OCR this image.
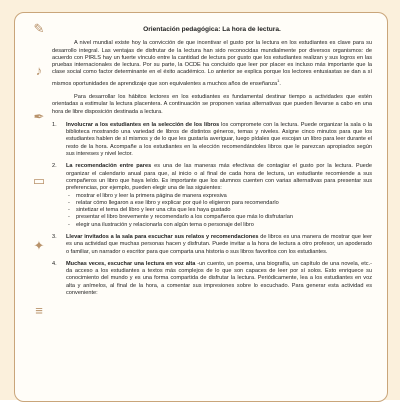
✎
♪
✒
▭
✦
≡

Orientación pedagógica: La hora de lectura.

A nivel mundial existe hoy la convicción de que incentivar el gusto por la lectura en los estudiantes es clave para su desarrollo integral. Las ventajas de disfrutar de la lectura han sido reconocidas mundialmente por diversos organismos: de acuerdo con PIRLS hay un fuerte vínculo entre la cantidad de lectura por gusto que los estudiantes realizan y sus logros en las pruebas internacionales de lectura. Por su parte, la OCDE ha concluido que leer por placer es incluso más importante que la clase social como factor determinante en el éxito académico. Lo anterior se explica porque los lectores entusiastas se dan a sí mismos oportunidades de aprendizaje que son equivalentes a muchos años de enseñanza$^1$.

Para desarrollar los hábitos lectores en los estudiantes es fundamental destinar tiempo a actividades que estén orientadas a estimular la lectura placentera. A continuación se proponen varias alternativas que pueden llevarse a cabo en una hora de libre disposición destinada a lectura.

1. Involucrar a los estudiantes en la selección de los libros los compromete con la lectura. Puede organizar la sala o la biblioteca mostrando una variedad de libros de distintos géneros, temas y niveles. Asigne cinco minutos para que los estudiantes hablen de sí mismos y de lo que les gustaría averiguar, luego pídales que escojan un libro para leer durante el resto de la hora. Acompañe a los estudiantes en la elección recomendándoles libros que le parezcan apropiados según sus intereses y nivel lector.
2. La recomendación entre pares es una de las maneras más efectivas de contagiar el gusto por la lectura. Puede organizar el calendario anual para que, al inicio o al final de cada hora de lectura, un estudiante recomiende a sus compañeros un libro que haya leído. Es importante que los alumnos cuenten con varias alternativas para presentar sus preferencias, por ejemplo, pueden elegir una de las siguientes:
- mostrar el libro y leer la primera página de manera expresiva
- relatar cómo llegaron a ese libro y explicar por qué lo eligieron para recomendarlo
- sintetizar el tema del libro y leer una cita que les haya gustado
- presentar el libro brevemente y recomendarlo a los compañeros que más lo disfrutarían
- elegir una ilustración y relacionarla con algún tema o personaje del libro
3. Llevar invitados a la sala para escuchar sus relatos y recomendaciones de libros es una manera de mostrar que leer es una actividad que muchas personas hacen y disfrutan. Puede invitar a la hora de lectura a otro profesor, un apoderado o familiar, un narrador o escritor para que comparta una historia o sus libros favoritos con los estudiantes.
4. Muchas veces, escuchar una lectura en voz alta -un cuento, un poema, una biografía, un capítulo de una novela, etc.- da acceso a los estudiantes a textos más complejos de lo que son capaces de leer por sí solos. Esto enriquece su conocimiento del mundo y es una forma compartida de disfrutar la lectura. Periódicamente, lea a los estudiantes en voz alta y anímelos, al final de la hora, a comentar sus impresiones sobre lo escuchado. Para generar esta actividad es conveniente:
